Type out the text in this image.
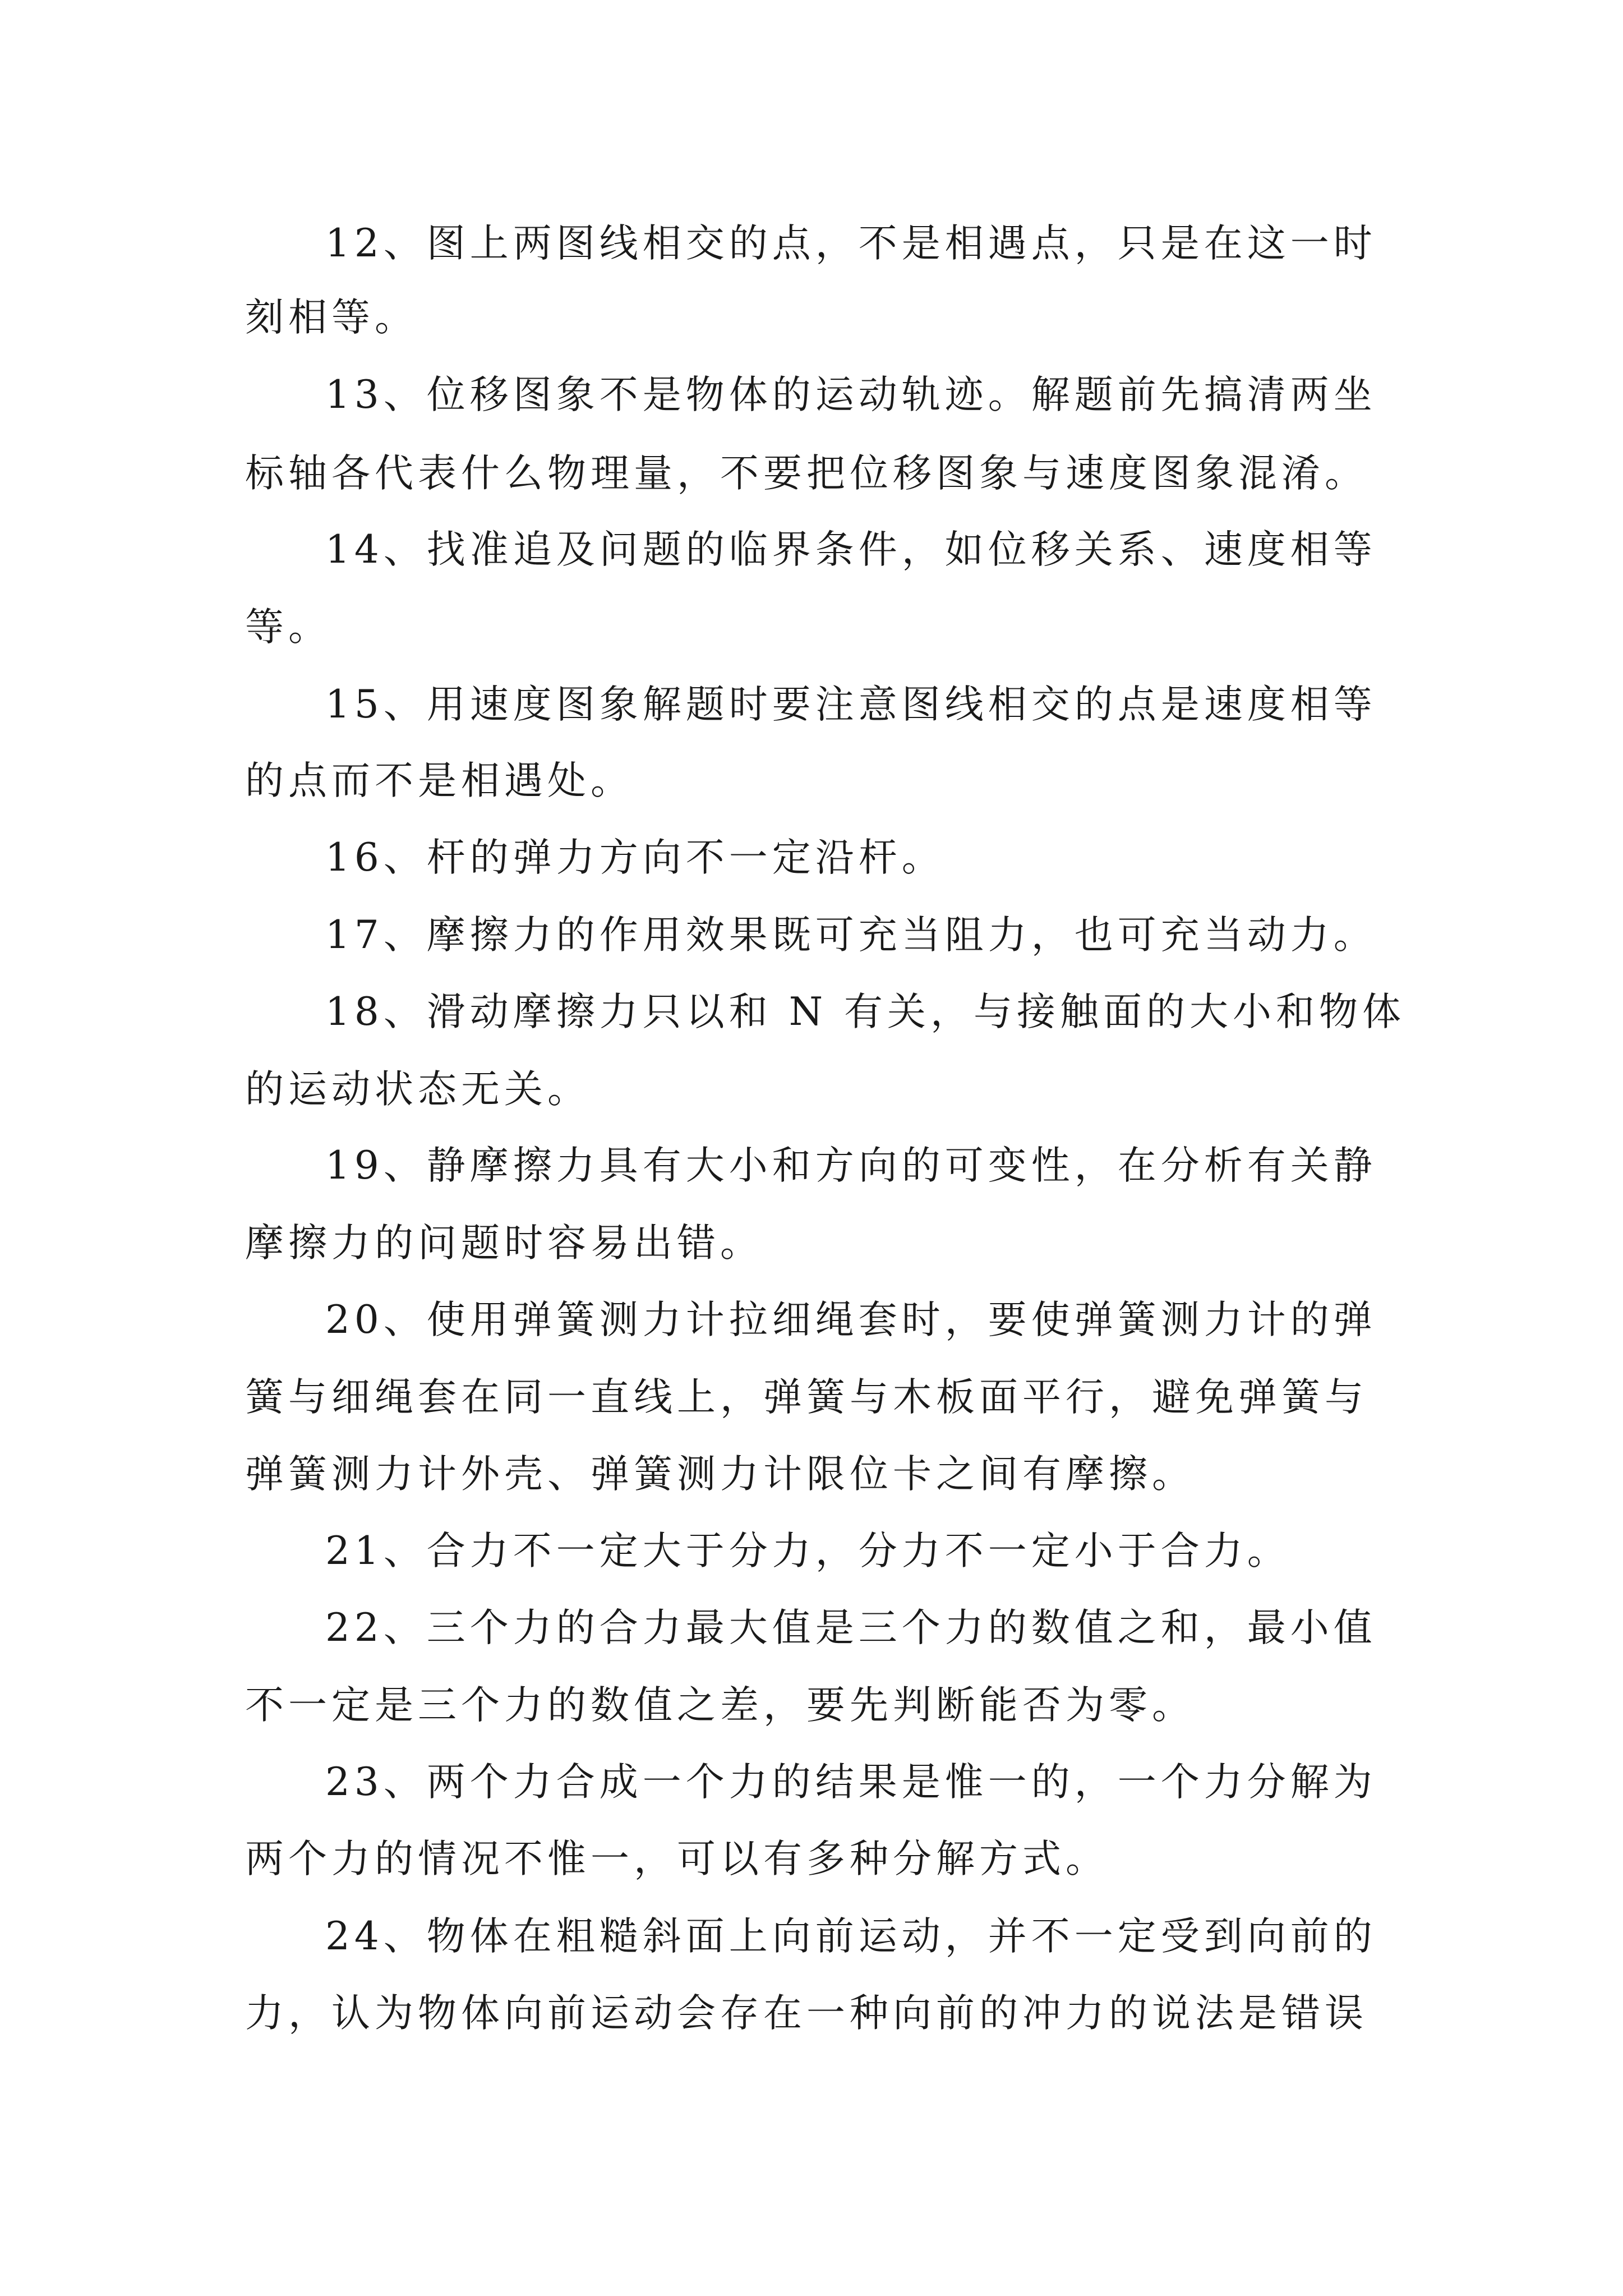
12、图上两图线相交的点，不是相遇点，只是在这一时

刻相等。

13、位移图象不是物体的运动轨迹。解题前先搞清两坐

标轴各代表什么物理量，不要把位移图象与速度图象混淆。

14、找准追及问题的临界条件，如位移关系、速度相等

等。

15、用速度图象解题时要注意图线相交的点是速度相等

的点而不是相遇处。

16、杆的弹力方向不一定沿杆。

17、摩擦力的作用效果既可充当阻力，也可充当动力。

18、滑动摩擦力只以和 N 有关，与接触面的大小和物体

的运动状态无关。

19、静摩擦力具有大小和方向的可变性，在分析有关静

摩擦力的问题时容易出错。

20、使用弹簧测力计拉细绳套时，要使弹簧测力计的弹

簧与细绳套在同一直线上，弹簧与木板面平行，避免弹簧与

弹簧测力计外壳、弹簧测力计限位卡之间有摩擦。

21、合力不一定大于分力，分力不一定小于合力。

22、三个力的合力最大值是三个力的数值之和，最小值

不一定是三个力的数值之差，要先判断能否为零。

23、两个力合成一个力的结果是惟一的，一个力分解为

两个力的情况不惟一，可以有多种分解方式。

24、物体在粗糙斜面上向前运动，并不一定受到向前的

力，认为物体向前运动会存在一种向前的冲力的说法是错误
